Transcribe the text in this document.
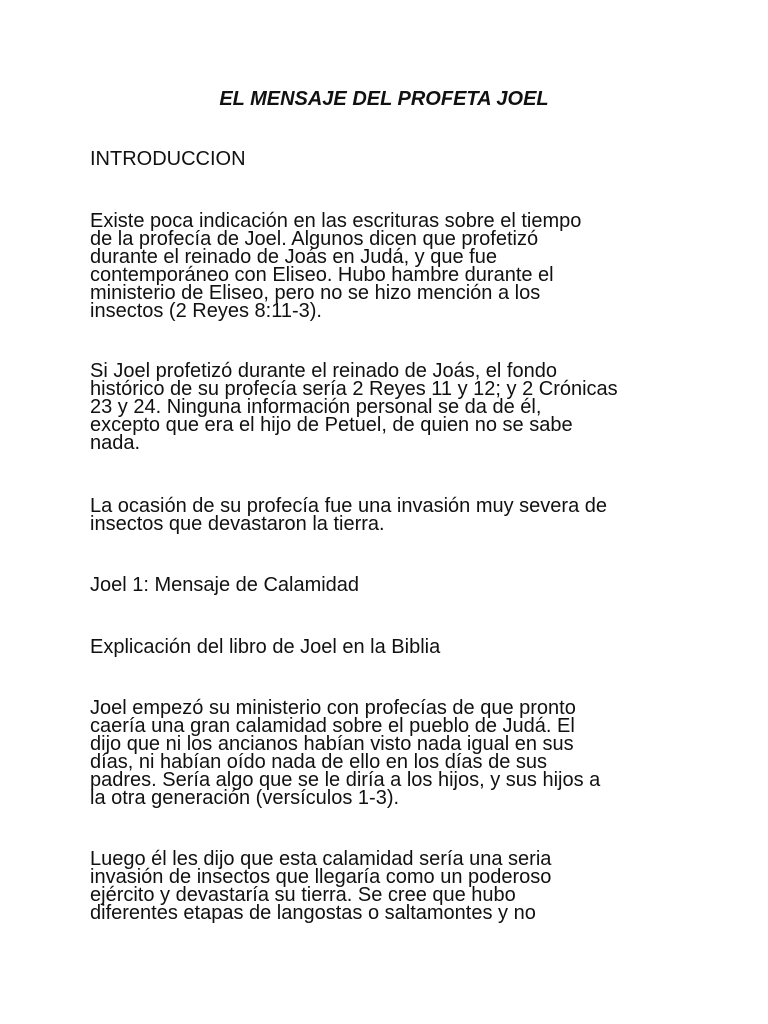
EL MENSAJE DEL PROFETA JOEL
INTRODUCCION
Existe poca indicación en las escrituras sobre el tiempo
de la profecía de Joel. Algunos dicen que profetizó
durante el reinado de Joás en Judá, y que fue
contemporáneo con Eliseo. Hubo hambre durante el
ministerio de Eliseo, pero no se hizo mención a los
insectos (2 Reyes 8:11-3).
Si Joel profetizó durante el reinado de Joás, el fondo
histórico de su profecía sería 2 Reyes 11 y 12; y 2 Crónicas
23 y 24. Ninguna información personal se da de él,
excepto que era el hijo de Petuel, de quien no se sabe
nada.
La ocasión de su profecía fue una invasión muy severa de
insectos que devastaron la tierra.
Joel 1: Mensaje de Calamidad
Explicación del libro de Joel en la Biblia
Joel empezó su ministerio con profecías de que pronto
caería una gran calamidad sobre el pueblo de Judá. El
dijo que ni los ancianos habían visto nada igual en sus
días, ni habían oído nada de ello en los días de sus
padres. Sería algo que se le diría a los hijos, y sus hijos a
la otra generación (versículos 1-3).
Luego él les dijo que esta calamidad sería una seria
invasión de insectos que llegaría como un poderoso
ejército y devastaría su tierra. Se cree que hubo
diferentes etapas de langostas o saltamontes y no
